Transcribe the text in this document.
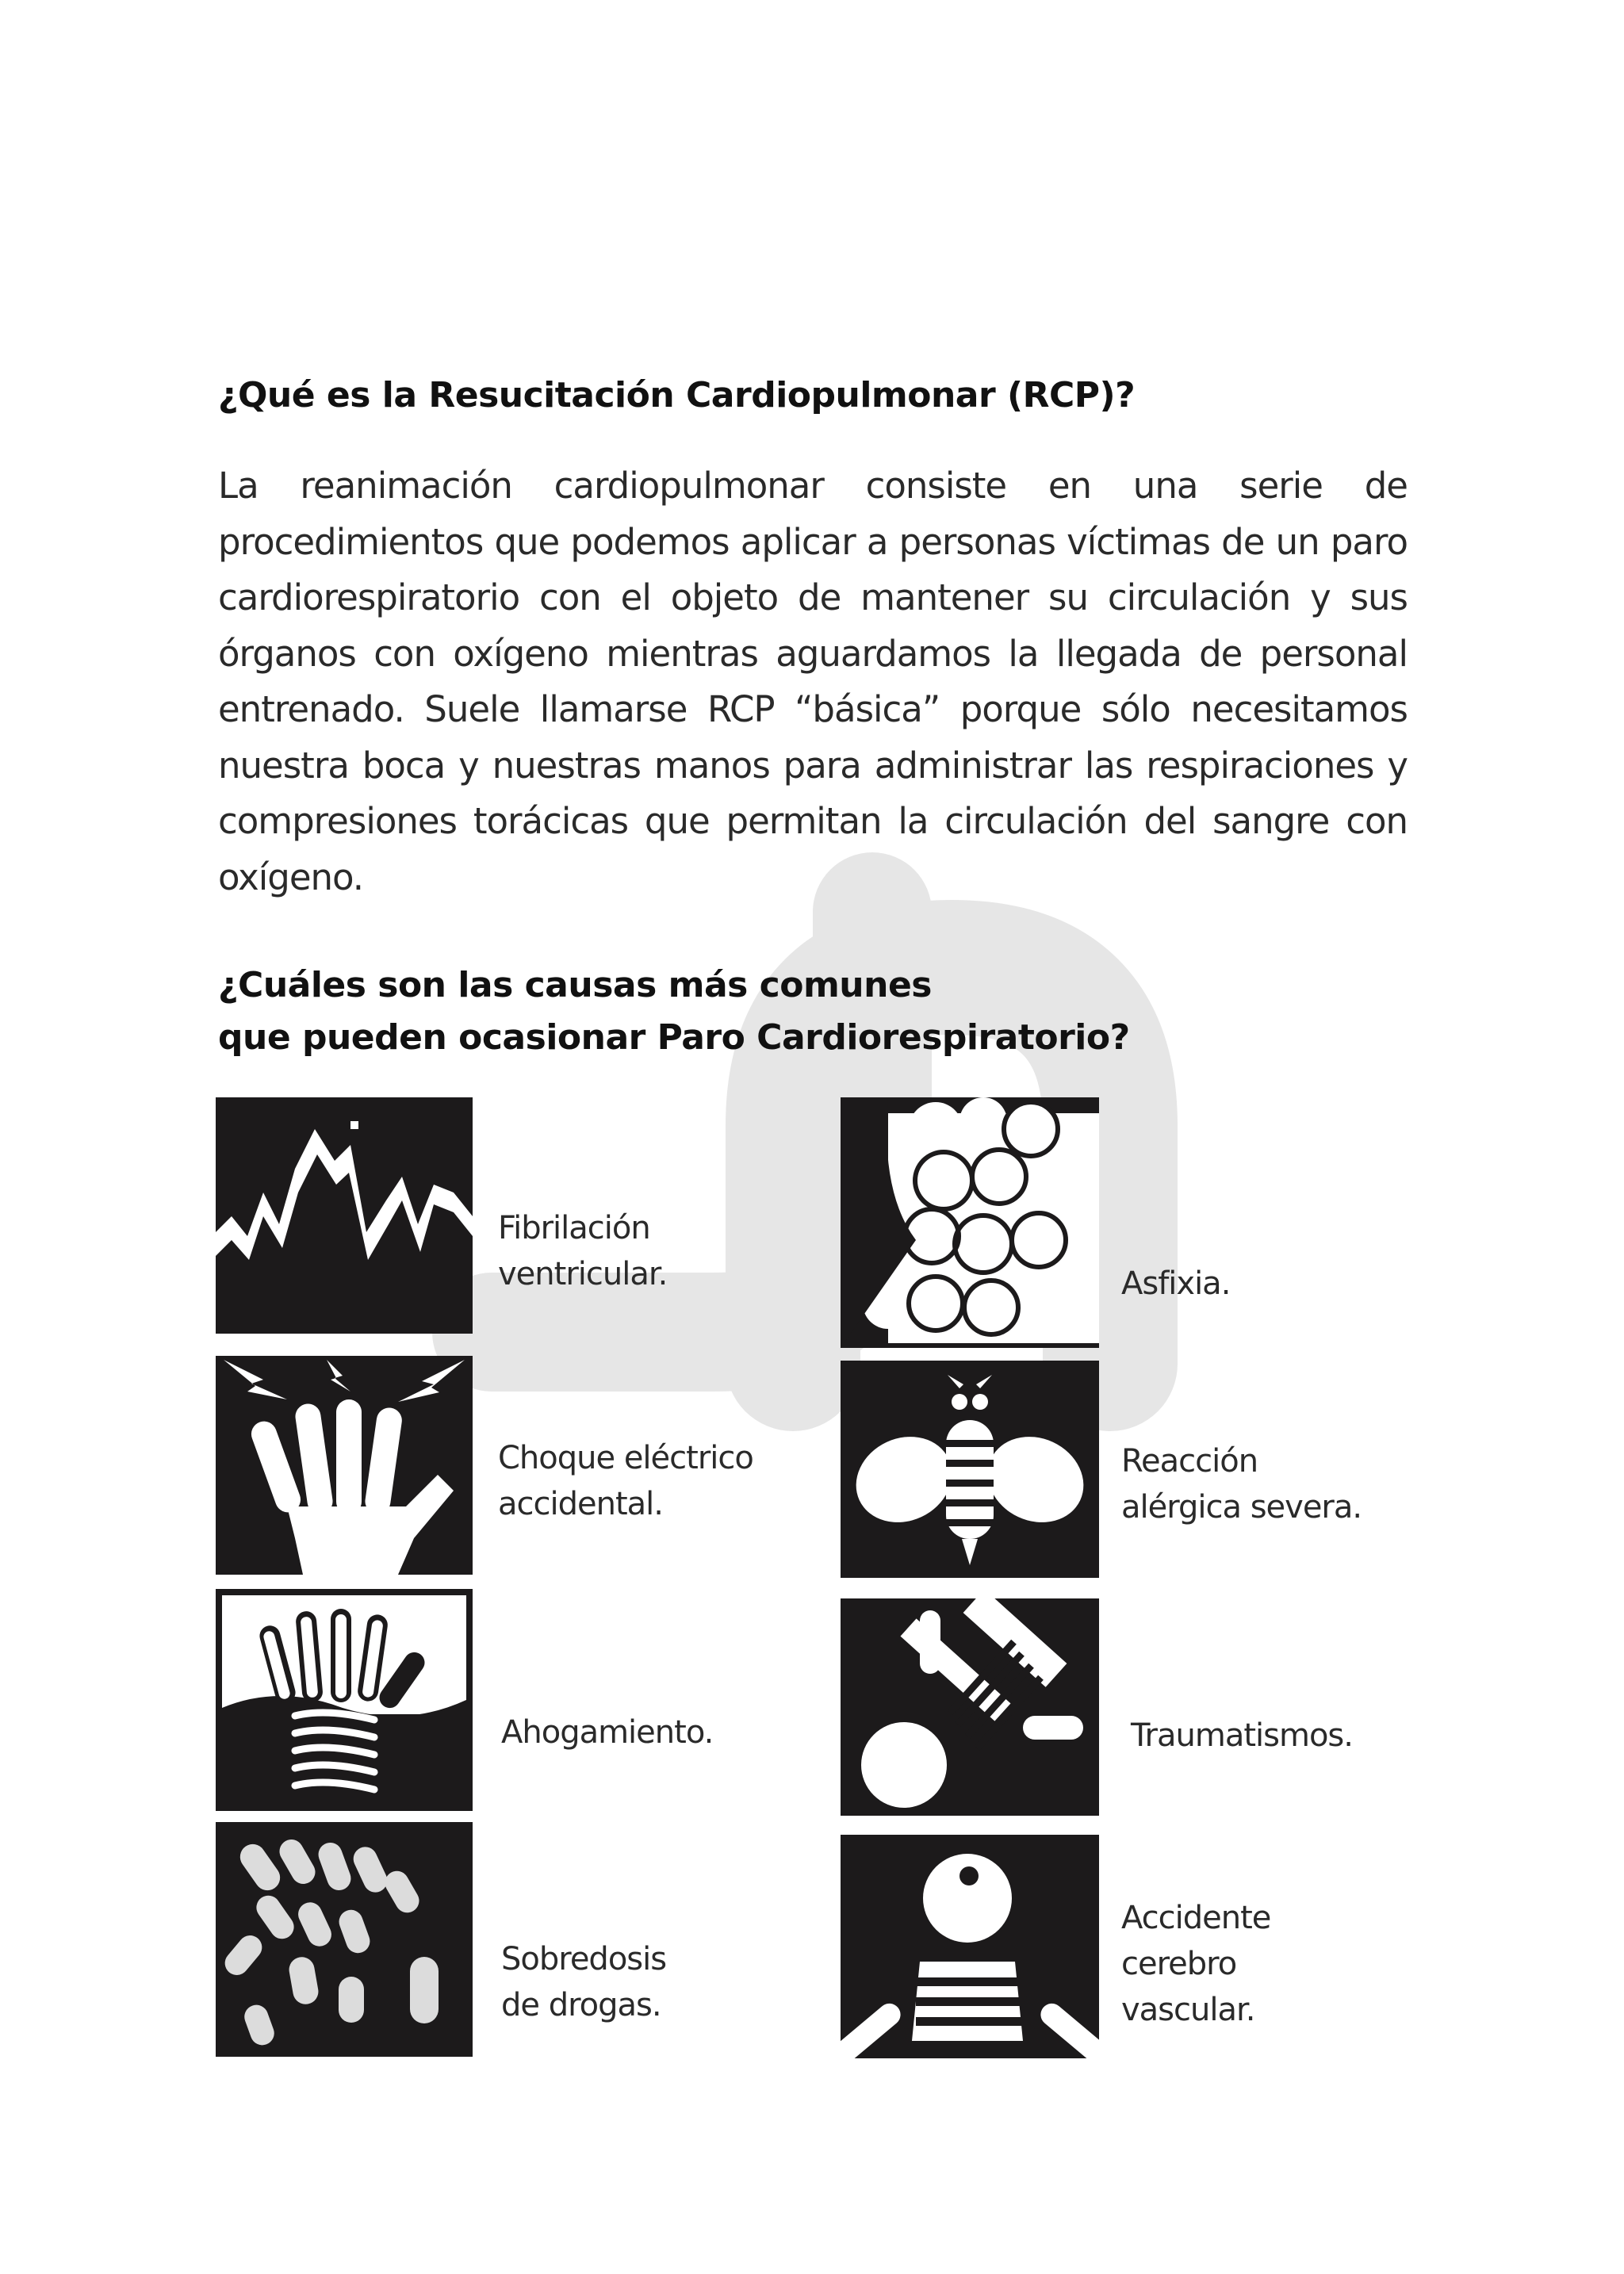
¿Qué es la Resucitación Cardiopulmonar (RCP)?

La reanimación cardiopulmonar consiste en una serie de procedimientos que podemos aplicar a personas víctimas de un paro cardiorespiratorio con el objeto de mantener su circulación y sus órganos con oxígeno mientras aguardamos la llegada de personal entrenado. Suele llamarse RCP “básica” porque sólo necesitamos nuestra boca y nuestras manos para administrar las respiraciones y compresiones torácicas que permitan la circulación del sangre con oxígeno.

¿Cuáles son las causas más comunes
que pueden ocasionar Paro Cardiorespiratorio?

Fibrilación
ventricular.

Choque eléctrico
accidental.

Ahogamiento.

Sobredosis
de drogas.

Asfixia.

Reacción
alérgica severa.

Traumatismos.

Accidente
cerebro
vascular.
